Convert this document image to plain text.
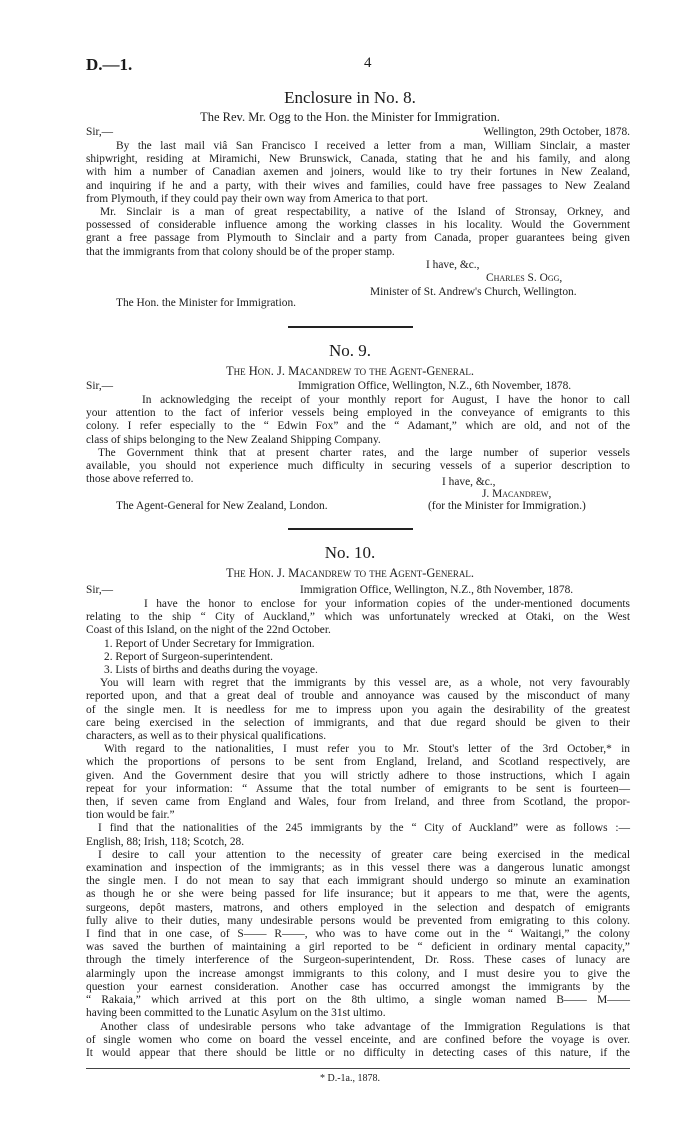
D.—1.	4
Enclosure in No. 8.
The Rev. Mr. Ogg to the Hon. the Minister for Immigration.
Sir,—	Wellington, 29th October, 1878.
By the last mail viâ San Francisco I received a letter from a man, William Sinclair, a master
shipwright, residing at Miramichi, New Brunswick, Canada, stating that he and his family, and along
with him a number of Canadian axemen and joiners, would like to try their fortunes in New Zealand,
and inquiring if he and a party, with their wives and families, could have free passages to New Zealand
from Plymouth, if they could pay their own way from America to that port.
Mr. Sinclair is a man of great respectability, a native of the Island of Stronsay, Orkney, and
possessed of considerable influence among the working classes in his locality. Would the Government
grant a free passage from Plymouth to Sinclair and a party from Canada, proper guarantees being given
that the immigrants from that colony should be of the proper stamp.
I have, &c.,
Charles S. Ogg,
Minister of St. Andrew's Church, Wellington.
The Hon. the Minister for Immigration.
No. 9.
The Hon. J. Macandrew to the Agent-General.
Sir,—	Immigration Office, Wellington, N.Z., 6th November, 1878.
In acknowledging the receipt of your monthly report for August, I have the honor to call
your attention to the fact of inferior vessels being employed in the conveyance of emigrants to this
colony. I refer especially to the “ Edwin Fox” and the “ Adamant,” which are old, and not of the
class of ships belonging to the New Zealand Shipping Company.
The Government think that at present charter rates, and the large number of superior vessels
available, you should not experience much difficulty in securing vessels of a superior description to
those above referred to.	I have, &c.,
J. Macandrew,
The Agent-General for New Zealand, London.	(for the Minister for Immigration.)
No. 10.
The Hon. J. Macandrew to the Agent-General.
Sir,—	Immigration Office, Wellington, N.Z., 8th November, 1878.
I have the honor to enclose for your information copies of the under-mentioned documents
relating to the ship “ City of Auckland,” which was unfortunately wrecked at Otaki, on the West
Coast of this Island, on the night of the 22nd October.
1. Report of Under Secretary for Immigration.
2. Report of Surgeon-superintendent.
3. Lists of births and deaths during the voyage.
You will learn with regret that the immigrants by this vessel are, as a whole, not very favourably
reported upon, and that a great deal of trouble and annoyance was caused by the misconduct of many
of the single men. It is needless for me to impress upon you again the desirability of the greatest
care being exercised in the selection of immigrants, and that due regard should be given to their
characters, as well as to their physical qualifications.
With regard to the nationalities, I must refer you to Mr. Stout's letter of the 3rd October,* in
which the proportions of persons to be sent from England, Ireland, and Scotland respectively, are
given. And the Government desire that you will strictly adhere to those instructions, which I again
repeat for your information: “ Assume that the total number of emigrants to be sent is fourteen—
then, if seven came from England and Wales, four from Ireland, and three from Scotland, the propor-
tion would be fair.”
I find that the nationalities of the 245 immigrants by the “ City of Auckland” were as follows :—
English, 88; Irish, 118; Scotch, 28.
I desire to call your attention to the necessity of greater care being exercised in the medical
examination and inspection of the immigrants; as in this vessel there was a dangerous lunatic amongst
the single men. I do not mean to say that each immigrant should undergo so minute an examination
as though he or she were being passed for life insurance; but it appears to me that, were the agents,
surgeons, depôt masters, matrons, and others employed in the selection and despatch of emigrants
fully alive to their duties, many undesirable persons would be prevented from emigrating to this colony.
I find that in one case, of S—— R——, who was to have come out in the “ Waitangi,” the colony
was saved the burthen of maintaining a girl reported to be “ deficient in ordinary mental capacity,”
through the timely interference of the Surgeon-superintendent, Dr. Ross. These cases of lunacy are
alarmingly upon the increase amongst immigrants to this colony, and I must desire you to give the
question your earnest consideration. Another case has occurred amongst the immigrants by the
“ Rakaia,” which arrived at this port on the 8th ultimo, a single woman named B—— M——
having been committed to the Lunatic Asylum on the 31st ultimo.
Another class of undesirable persons who take advantage of the Immigration Regulations is that
of single women who come on board the vessel enceinte, and are confined before the voyage is over.
It would appear that there should be little or no difficulty in detecting cases of this nature, if the
* D.-1a., 1878.
